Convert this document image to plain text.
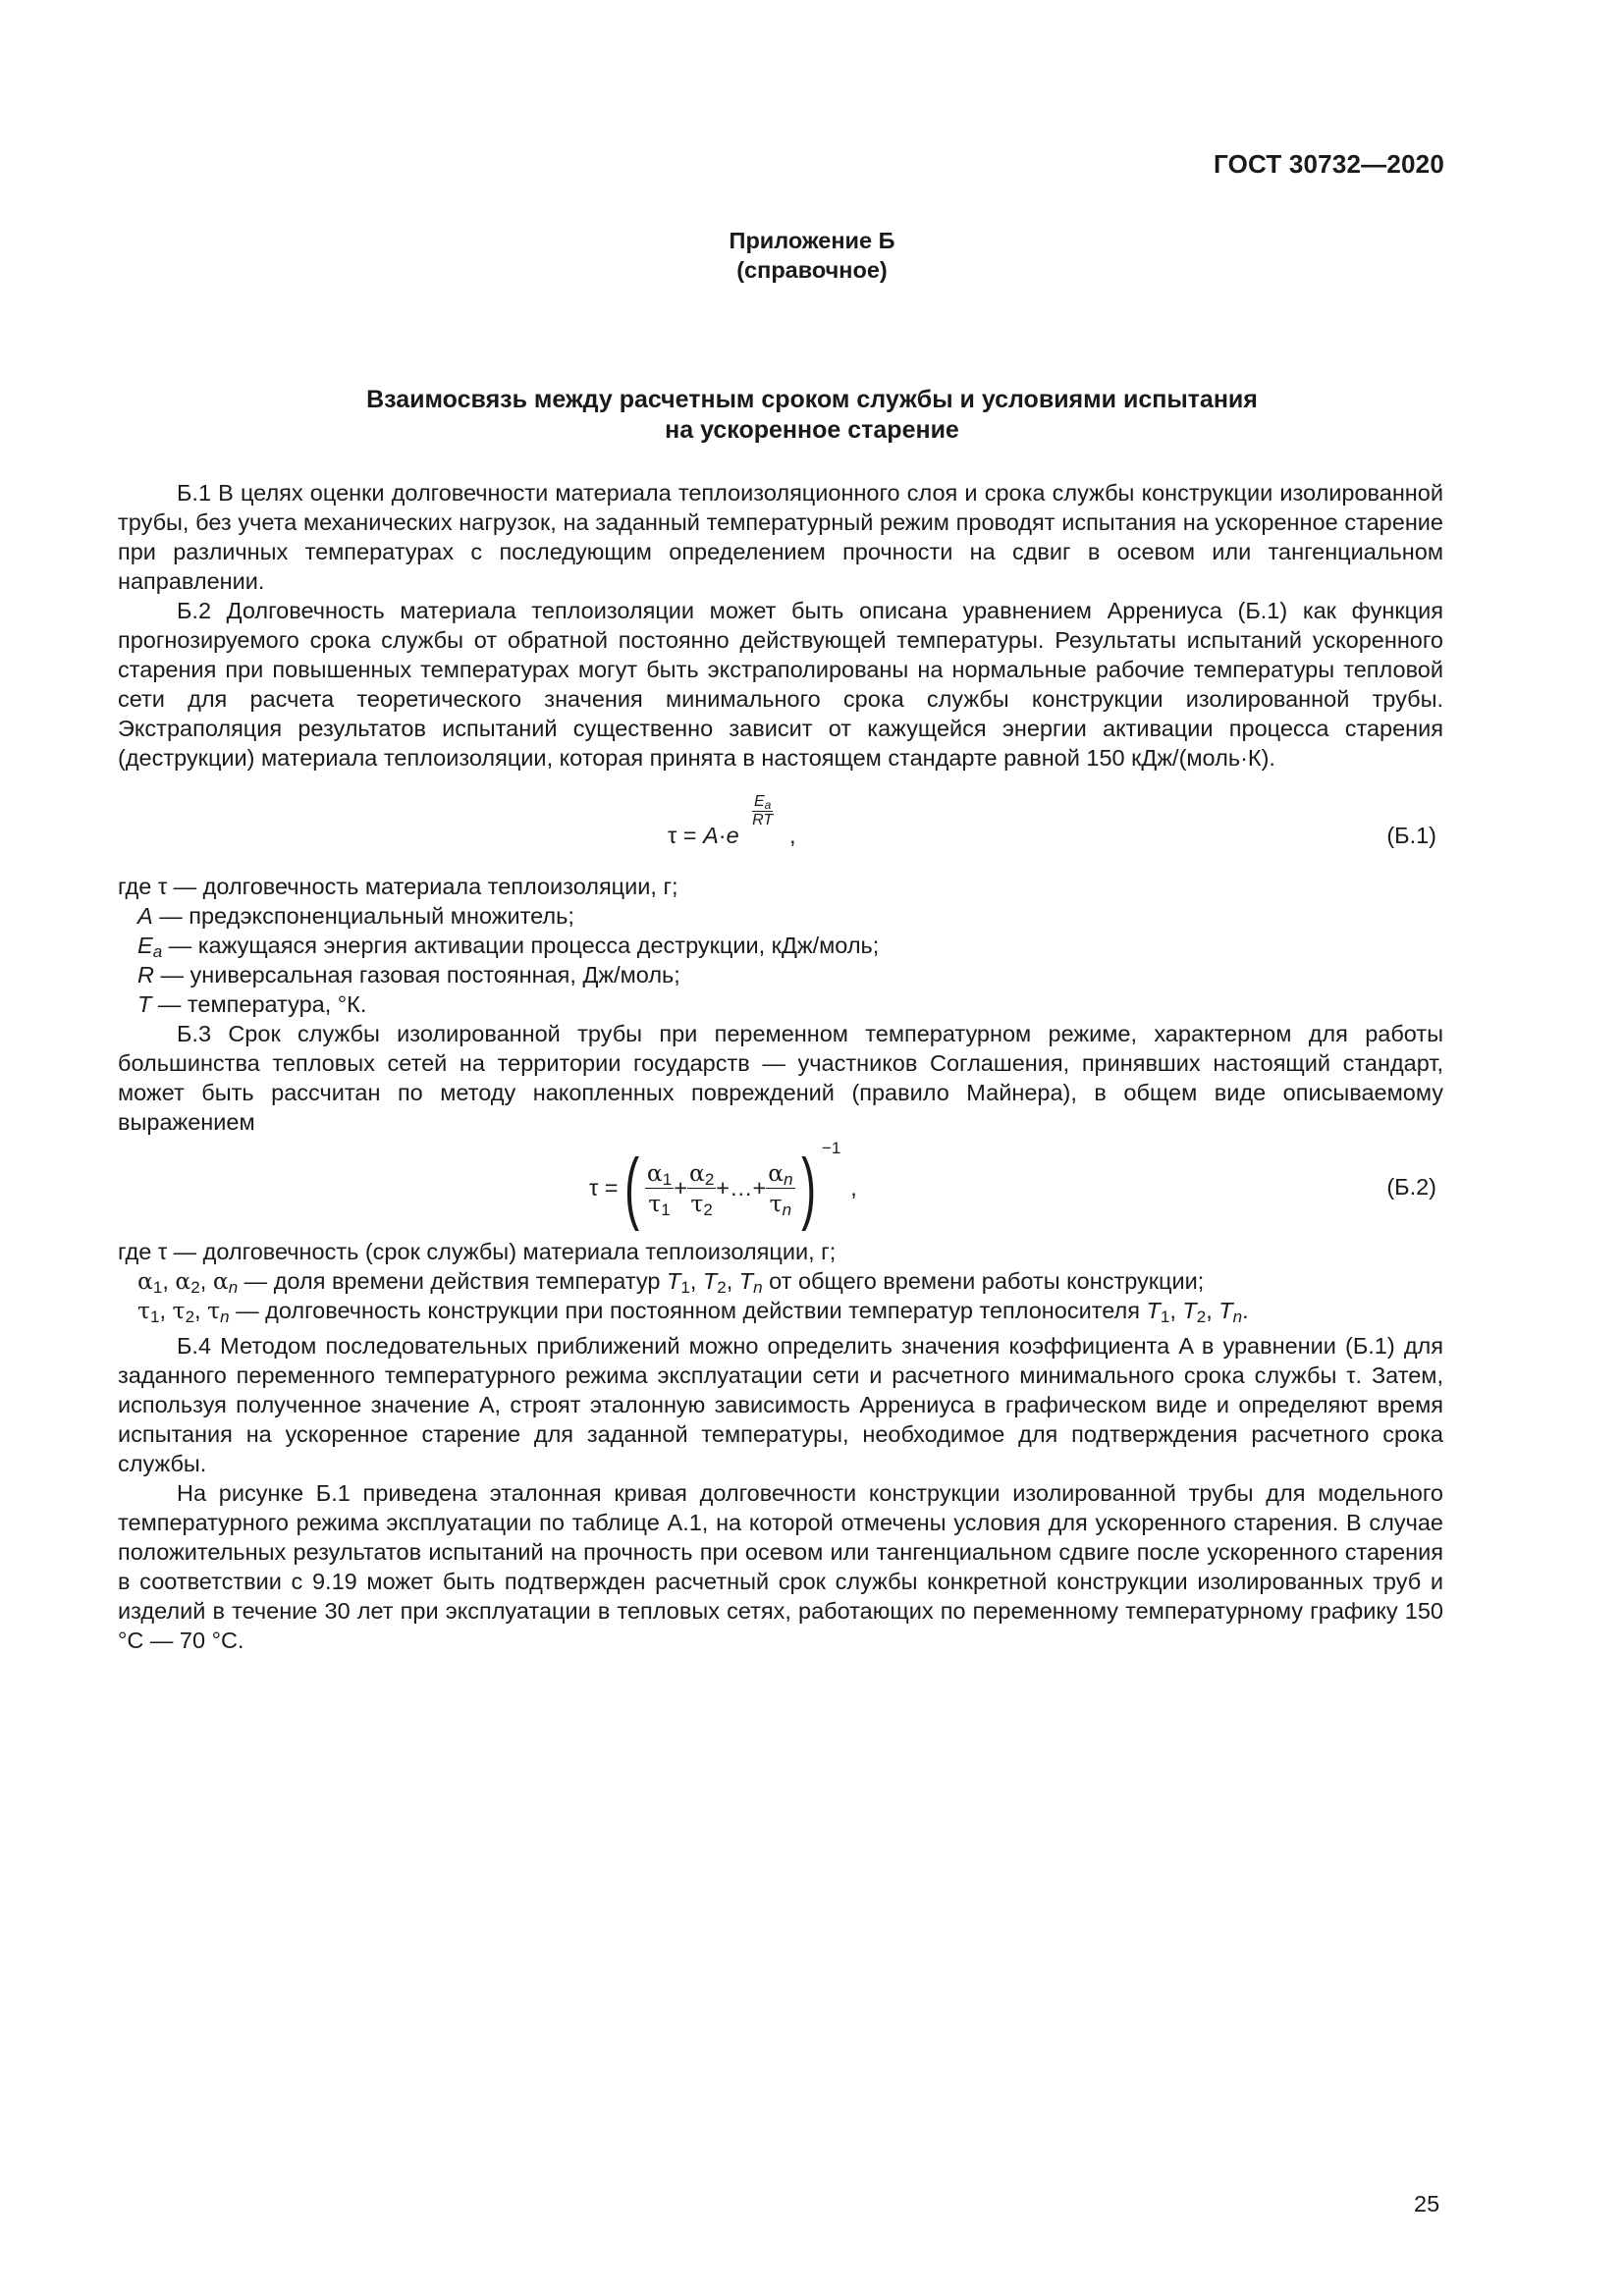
ГОСТ 30732—2020
Приложение Б
(справочное)
Взаимосвязь между расчетным сроком службы и условиями испытания
на ускоренное старение

Б.1 В целях оценки долговечности материала теплоизоляционного слоя и срока службы конструкции изолированной трубы, без учета механических нагрузок, на заданный температурный режим проводят испытания на ускоренное старение при различных температурах с последующим определением прочности на сдвиг в осевом или тангенциальном направлении.

Б.2 Долговечность материала теплоизоляции может быть описана уравнением Аррениуса (Б.1) как функция прогнозируемого срока службы от обратной постоянно действующей температуры. Результаты испытаний ускоренного старения при повышенных температурах могут быть экстраполированы на нормальные рабочие температуры тепловой сети для расчета теоретического значения минимального срока службы конструкции изолированной трубы. Экстраполяция результатов испытаний существенно зависит от кажущейся энергии активации процесса старения (деструкции) материала теплоизоляции, которая принята в настоящем стандарте равной 150 кДж/(моль·К).

τ = A·e
$E_a$
RT
,	(Б.1)
где τ — долговечность материала теплоизоляции, г;
A — предэкспоненциальный множитель;
$E_a$ — кажущаяся энергия активации процесса деструкции, кДж/моль;
R — универсальная газовая постоянная, Дж/моль;
T — температура, °К.

Б.3 Срок службы изолированной трубы при переменном температурном режиме, характерном для работы большинства тепловых сетей на территории государств — участников Соглашения, принявших настоящий стандарт, может быть рассчитан по методу накопленных повреждений (правило Майнера), в общем виде описываемому выражением

τ = ( $\frac{\alpha_1}{\tau_1} + \frac{\alpha_2}{\tau_2}$ +…+ $\frac{\alpha_n}{\tau_n}$ ) −1
,	(Б.2)
где τ — долговечность (срок службы) материала теплоизоляции, г;
$\alpha_1$, $\alpha_2$, $\alpha_n$ — доля времени действия температур $T_1$, $T_2$, $T_n$ от общего времени работы конструкции;
$\tau_1$, $\tau_2$, $\tau_n$ — долговечность конструкции при постоянном действии температур теплоносителя $T_1$, $T_2$, $T_n$.

Б.4 Методом последовательных приближений можно определить значения коэффициента A в уравнении (Б.1) для заданного переменного температурного режима эксплуатации сети и расчетного минимального срока службы τ. Затем, используя полученное значение A, строят эталонную зависимость Аррениуса в графическом виде и определяют время испытания на ускоренное старение для заданной температуры, необходимое для подтверждения расчетного срока службы.

На рисунке Б.1 приведена эталонная кривая долговечности конструкции изолированной трубы для модельного температурного режима эксплуатации по таблице А.1, на которой отмечены условия для ускоренного старения. В случае положительных результатов испытаний на прочность при осевом или тангенциальном сдвиге после ускоренного старения в соответствии с 9.19 может быть подтвержден расчетный срок службы конкретной конструкции изолированных труб и изделий в течение 30 лет при эксплуатации в тепловых сетях, работающих по переменному температурному графику 150 °С — 70 °С.

25
